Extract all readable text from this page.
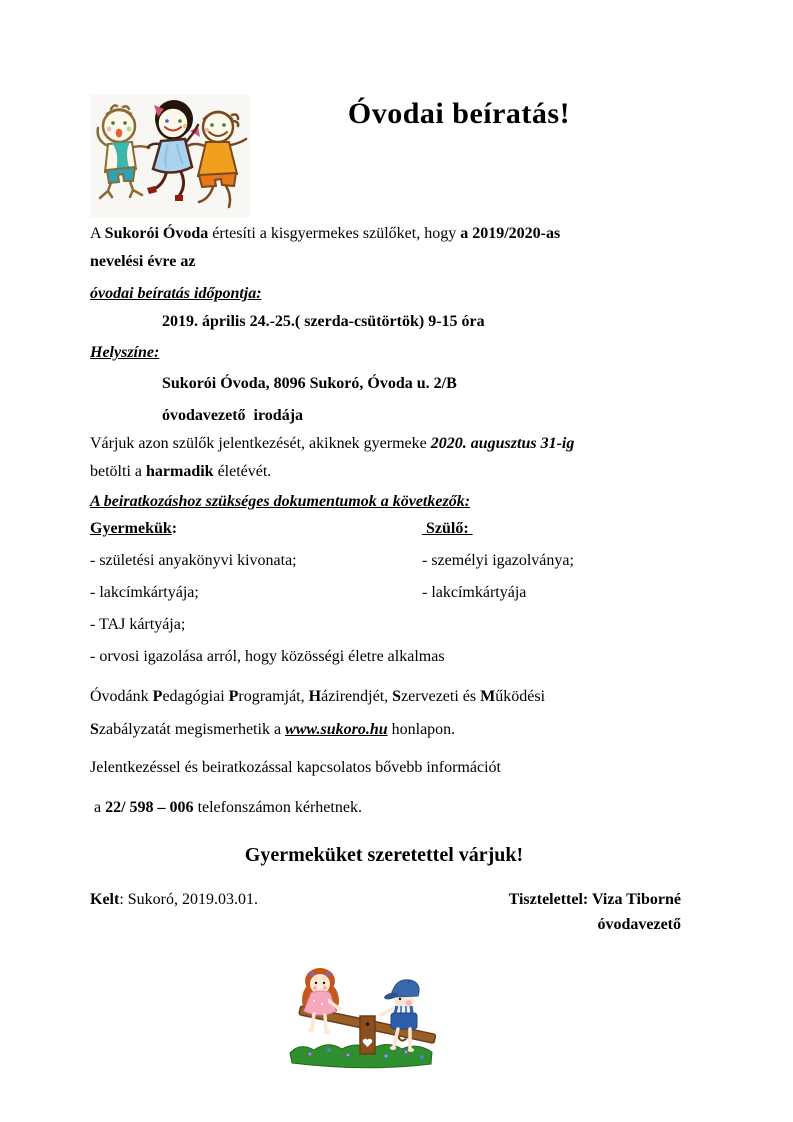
Óvodai beíratás!

A Sukorói Óvoda értesíti a kisgyermekes szülőket, hogy a 2019/2020-as
nevelési évre az

óvodai beíratás időpontja:

2019. április 24.-25.( szerda-csütörtök) 9-15 óra

Helyszíne:

Sukorói Óvoda, 8096 Sukoró, Óvoda u. 2/B

óvodavezető  irodája

Várjuk azon szülők jelentkezését, akiknek gyermeke 2020. augusztus 31-ig
betölti a harmadik életévét.

A beiratkozáshoz szükséges dokumentumok a következők:

Gyermekük:	Szülő:
- születési anyakönyvi kivonata;	- személyi igazolványa;
- lakcímkártyája;	- lakcímkártyája
- TAJ kártyája;
- orvosi igazolása arról, hogy közösségi életre alkalmas

Óvodánk Pedagógiai Programját, Házirendjét, Szervezeti és Működési
Szabályzatát megismerhetik a www.sukoro.hu honlapon.

Jelentkezéssel és beiratkozással kapcsolatos bővebb információt

a 22/ 598 – 006 telefonszámon kérhetnek.

Gyermeküket szeretettel várjuk!

Kelt: Sukoró, 2019.03.01.	Tisztelettel: Viza Tiborné
óvodavezető
